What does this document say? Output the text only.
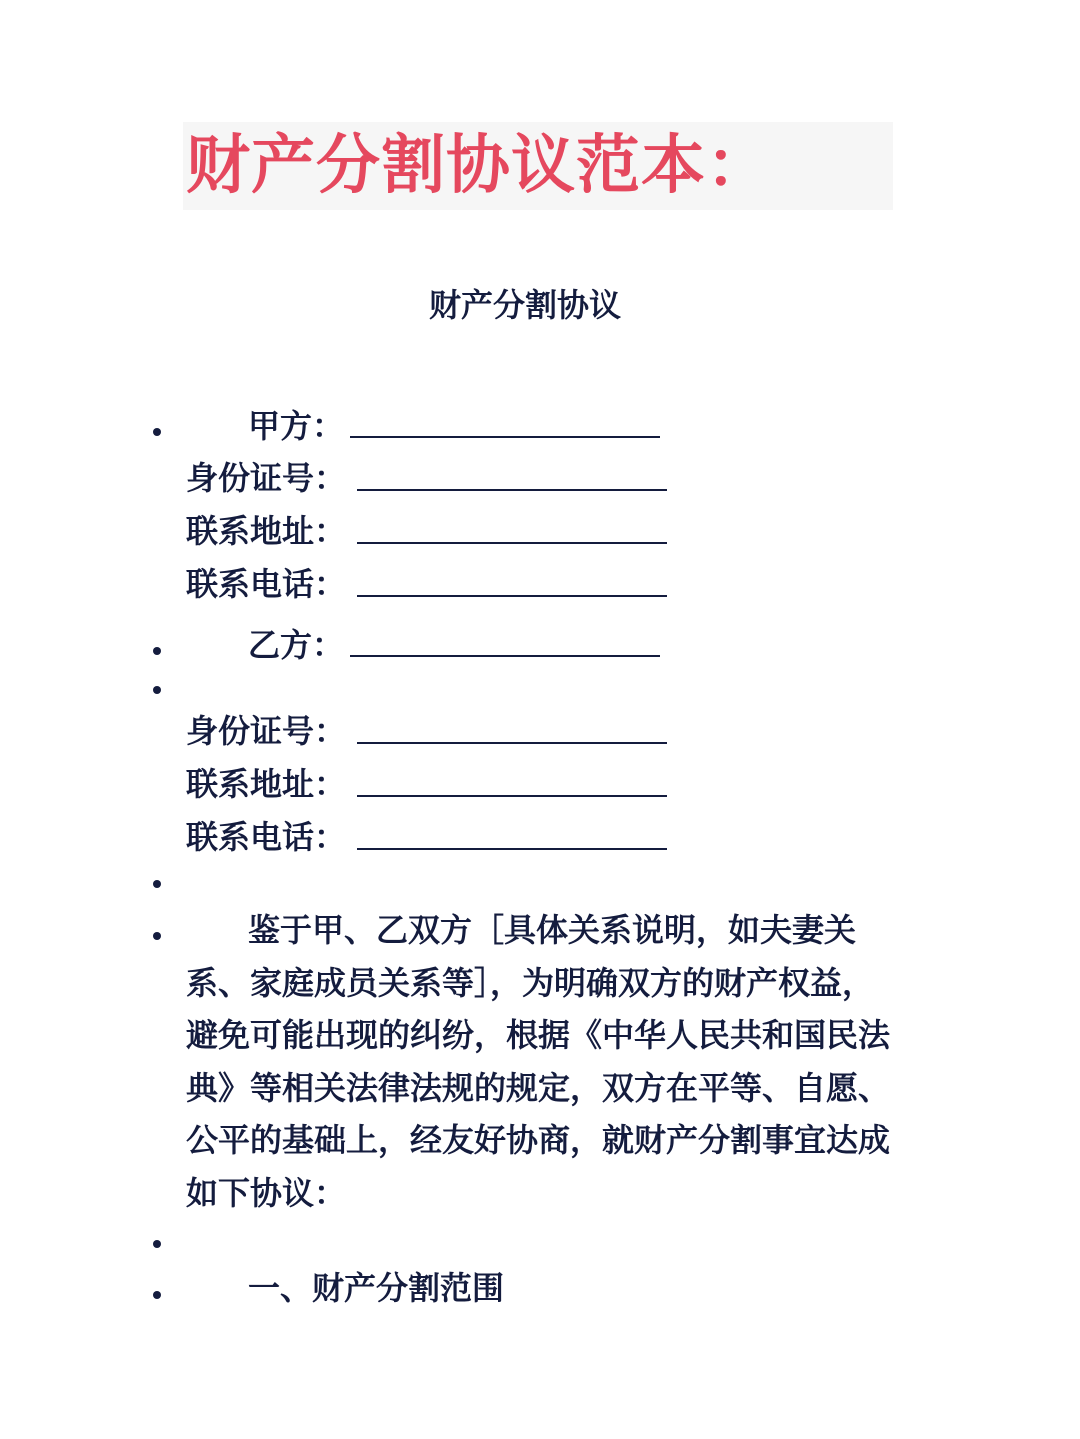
财产分割协议范本：
财产分割协议
甲方：
身份证号：
联系地址：
联系电话：
乙方：
身份证号：
联系地址：
联系电话：
鉴于甲、乙双方［具体关系说明，如夫妻关系、家庭成员关系等］，为明确双方的财产权益，避免可能出现的纠纷，根据《中华人民共和国民法典》等相关法律法规的规定，双方在平等、自愿、公平的基础上，经友好协商，就财产分割事宜达成如下协议：
一、财产分割范围
